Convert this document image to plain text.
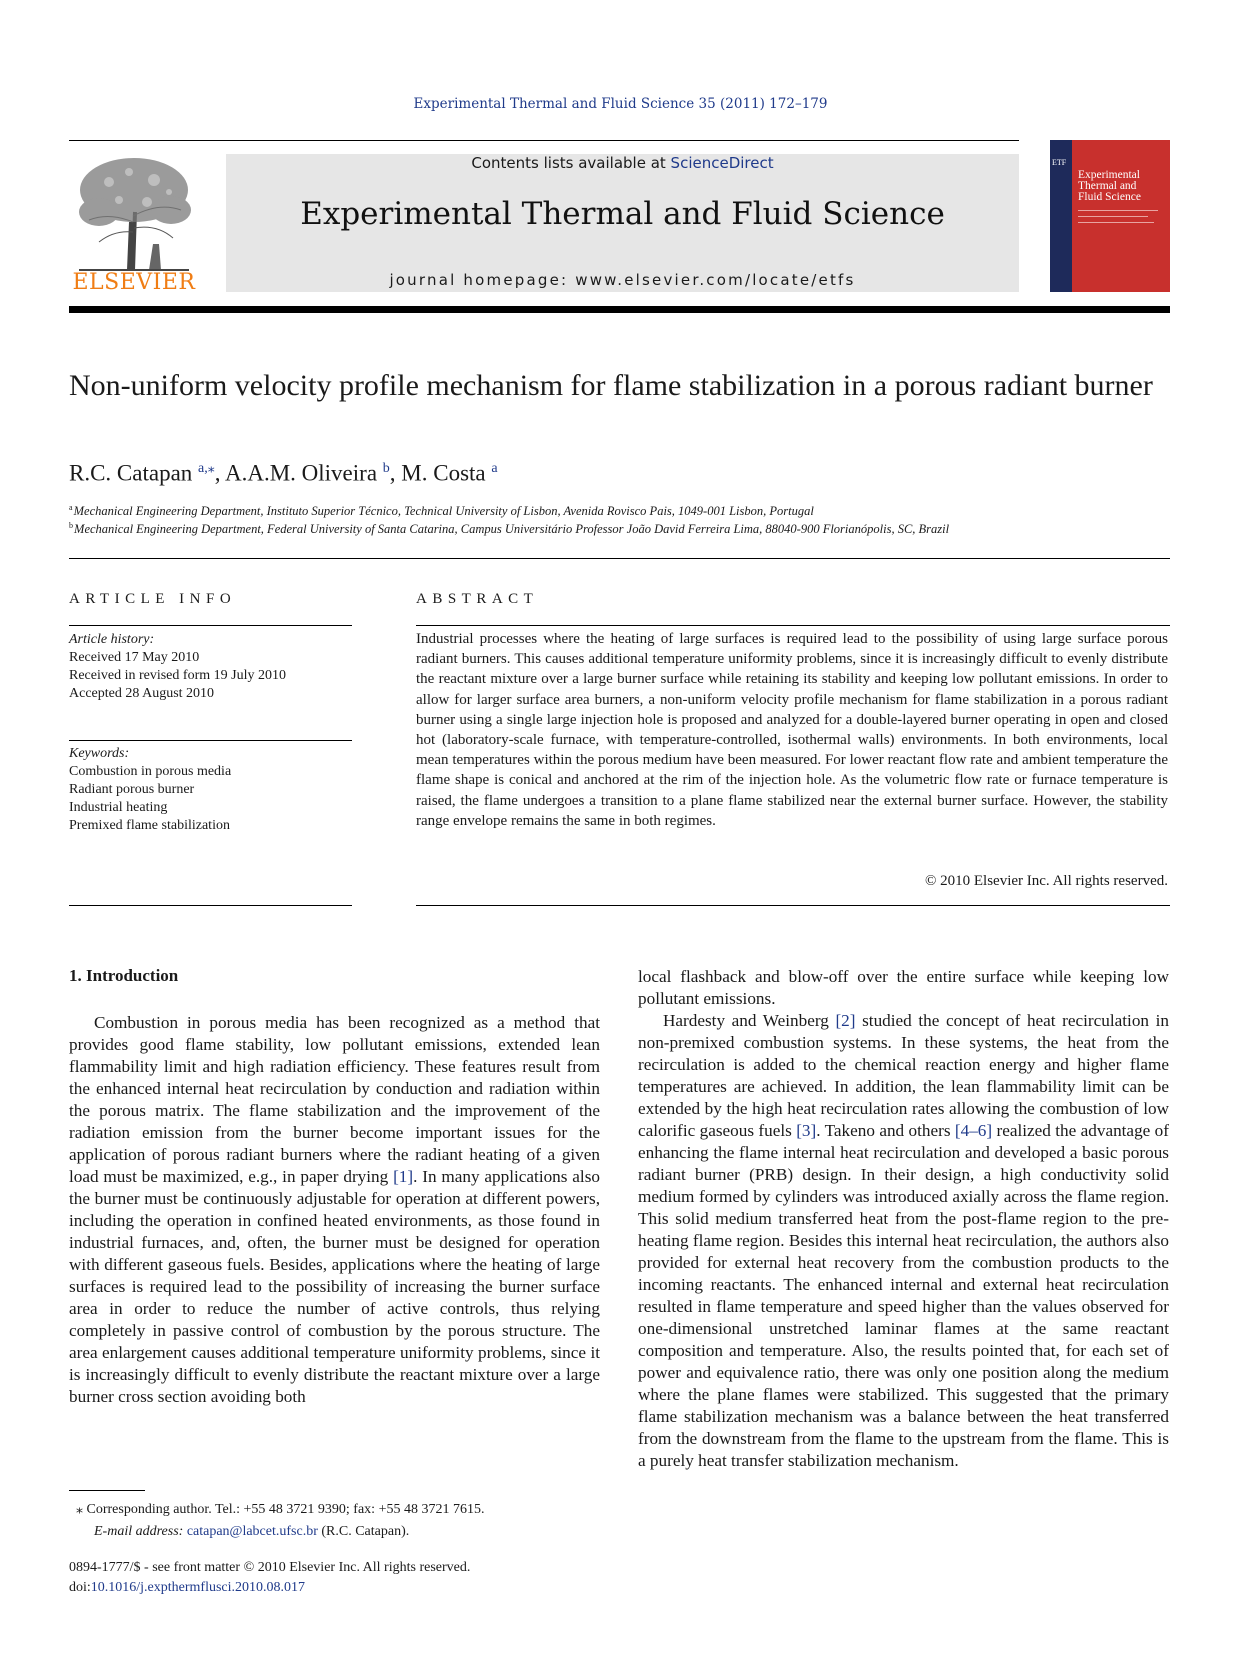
Experimental Thermal and Fluid Science 35 (2011) 172–179
ELSEVIER
Contents lists available at ScienceDirect
Experimental Thermal and Fluid Science
journal homepage: www.elsevier.com/locate/etfs
ETF
Experimental
Thermal and
Fluid Science
Non-uniform velocity profile mechanism for flame stabilization in a porous radiant burner
R.C. Catapan $^{a,⁎}$, A.A.M. Oliveira $^b$, M. Costa $^a$
$^a$ Mechanical Engineering Department, Instituto Superior Técnico, Technical University of Lisbon, Avenida Rovisco Pais, 1049-001 Lisbon, Portugal
$^b$ Mechanical Engineering Department, Federal University of Santa Catarina, Campus Universitário Professor João David Ferreira Lima, 88040-900 Florianópolis, SC, Brazil
ARTICLE INFO
Article history:
Received 17 May 2010
Received in revised form 19 July 2010
Accepted 28 August 2010
Keywords:
Combustion in porous media
Radiant porous burner
Industrial heating
Premixed flame stabilization
ABSTRACT
Industrial processes where the heating of large surfaces is required lead to the possibility of using large surface porous radiant burners. This causes additional temperature uniformity problems, since it is increasingly difficult to evenly distribute the reactant mixture over a large burner surface while retaining its stability and keeping low pollutant emissions. In order to allow for larger surface area burners, a non-uniform velocity profile mechanism for flame stabilization in a porous radiant burner using a single large injection hole is proposed and analyzed for a double-layered burner operating in open and closed hot (laboratory-scale furnace, with temperature-controlled, isothermal walls) environments. In both environments, local mean temperatures within the porous medium have been measured. For lower reactant flow rate and ambient temperature the flame shape is conical and anchored at the rim of the injection hole. As the volumetric flow rate or furnace temperature is raised, the flame undergoes a transition to a plane flame stabilized near the external burner surface. However, the stability range envelope remains the same in both regimes.
© 2010 Elsevier Inc. All rights reserved.
1. Introduction

Combustion in porous media has been recognized as a method that provides good flame stability, low pollutant emissions, extended lean flammability limit and high radiation efficiency. These features result from the enhanced internal heat recirculation by conduction and radiation within the porous matrix. The flame stabilization and the improvement of the radiation emission from the burner become important issues for the application of porous radiant burners where the radiant heating of a given load must be maximized, e.g., in paper drying [1]. In many applications also the burner must be continuously adjustable for operation at different powers, including the operation in confined heated environments, as those found in industrial furnaces, and, often, the burner must be designed for operation with different gaseous fuels. Besides, applications where the heating of large surfaces is required lead to the possibility of increasing the burner surface area in order to reduce the number of active controls, thus relying completely in passive control of combustion by the porous structure. The area enlargement causes additional temperature uniformity problems, since it is increasingly difficult to evenly distribute the reactant mixture over a large burner cross section avoiding both

local flashback and blow-off over the entire surface while keeping low pollutant emissions.

Hardesty and Weinberg [2] studied the concept of heat recirculation in non-premixed combustion systems. In these systems, the heat from the recirculation is added to the chemical reaction energy and higher flame temperatures are achieved. In addition, the lean flammability limit can be extended by the high heat recirculation rates allowing the combustion of low calorific gaseous fuels [3]. Takeno and others [4–6] realized the advantage of enhancing the flame internal heat recirculation and developed a basic porous radiant burner (PRB) design. In their design, a high conductivity solid medium formed by cylinders was introduced axially across the flame region. This solid medium transferred heat from the post-flame region to the pre-heating flame region. Besides this internal heat recirculation, the authors also provided for external heat recovery from the combustion products to the incoming reactants. The enhanced internal and external heat recirculation resulted in flame temperature and speed higher than the values observed for one-dimensional unstretched laminar flames at the same reactant composition and temperature. Also, the results pointed that, for each set of power and equivalence ratio, there was only one position along the medium where the plane flames were stabilized. This suggested that the primary flame stabilization mechanism was a balance between the heat transferred from the downstream from the flame to the upstream from the flame. This is a purely heat transfer stabilization mechanism.

⁎ Corresponding author. Tel.: +55 48 3721 9390; fax: +55 48 3721 7615.
E-mail address: catapan@labcet.ufsc.br (R.C. Catapan).
0894-1777/$ - see front matter © 2010 Elsevier Inc. All rights reserved.
doi:10.1016/j.expthermflusci.2010.08.017
